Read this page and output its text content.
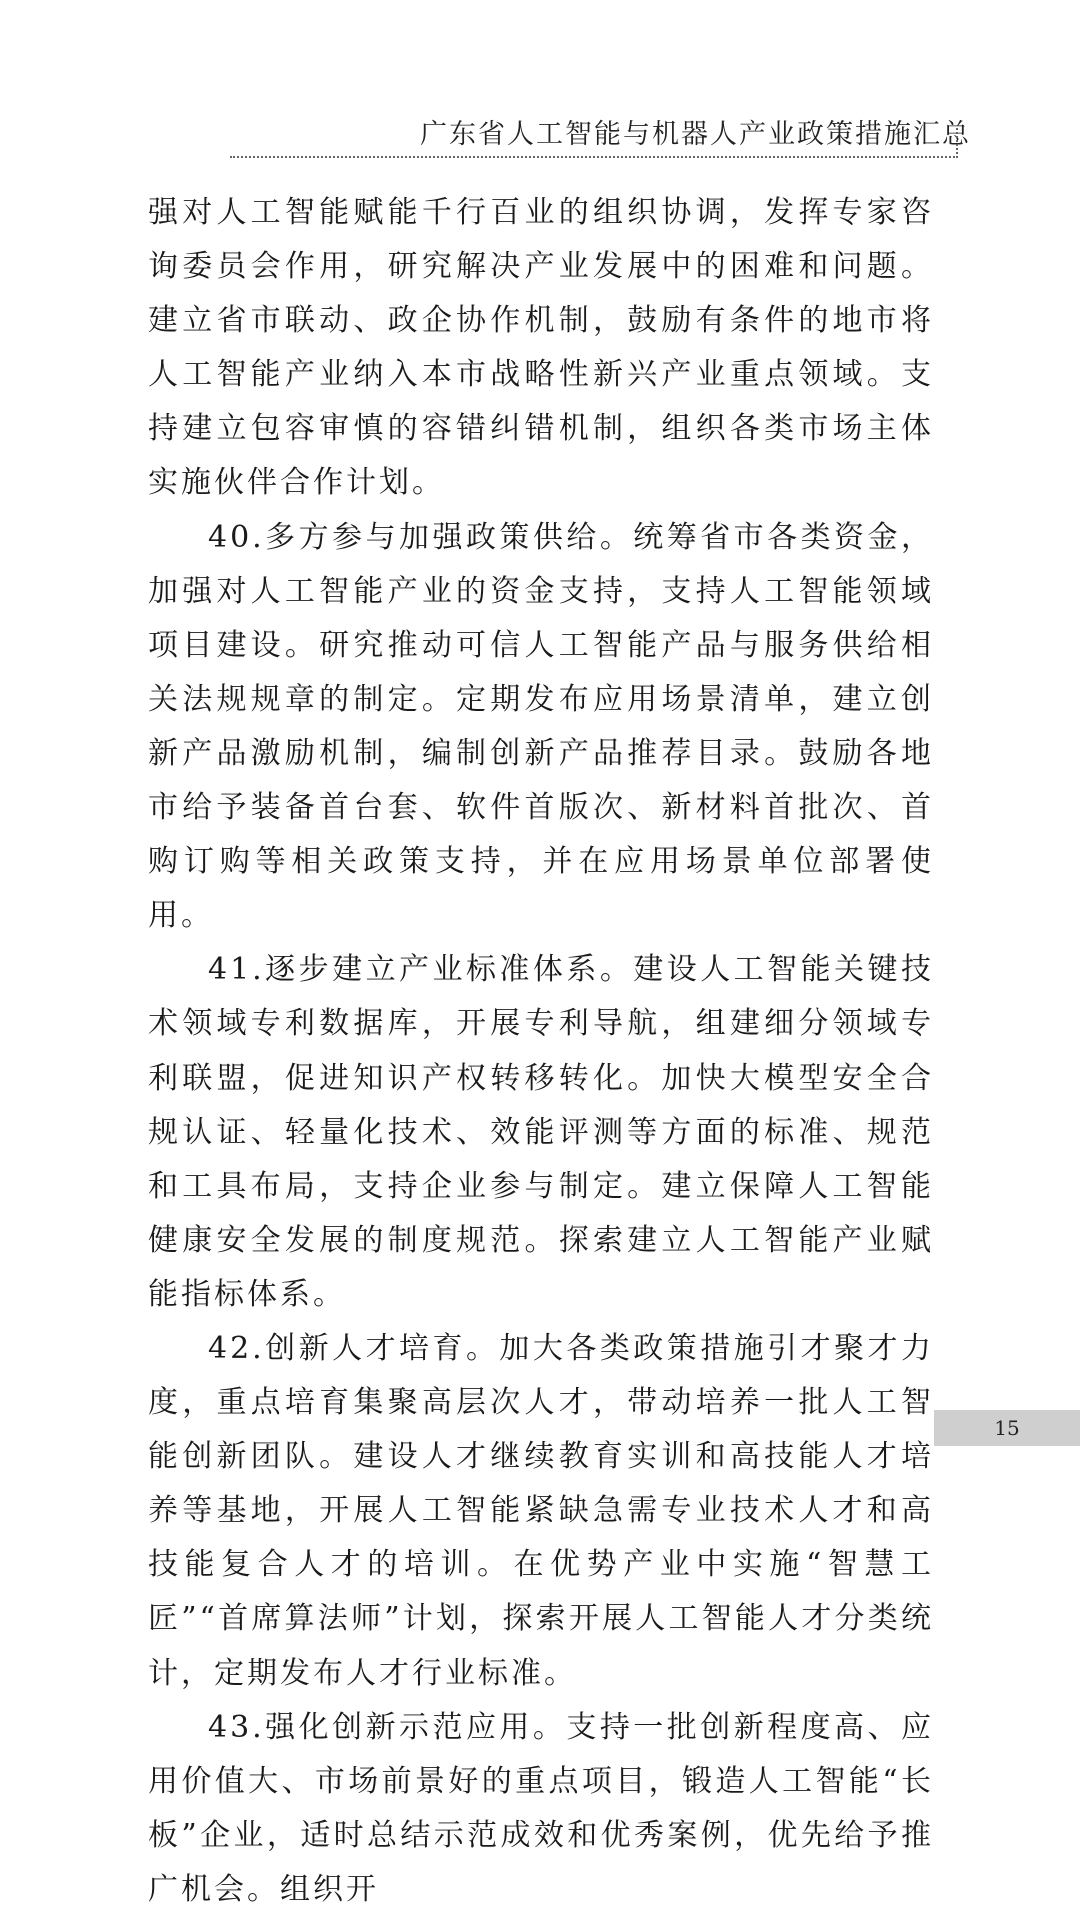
广东省人工智能与机器人产业政策措施汇总

强对人工智能赋能千行百业的组织协调，发挥专家咨询委员会作用，研究解决产业发展中的困难和问题。建立省市联动、政企协作机制，鼓励有条件的地市将人工智能产业纳入本市战略性新兴产业重点领域。支持建立包容审慎的容错纠错机制，组织各类市场主体实施伙伴合作计划。

40.多方参与加强政策供给。统筹省市各类资金，加强对人工智能产业的资金支持，支持人工智能领域项目建设。研究推动可信人工智能产品与服务供给相关法规规章的制定。定期发布应用场景清单，建立创新产品激励机制，编制创新产品推荐目录。鼓励各地市给予装备首台套、软件首版次、新材料首批次、首购订购等相关政策支持，并在应用场景单位部署使用。

41.逐步建立产业标准体系。建设人工智能关键技术领域专利数据库，开展专利导航，组建细分领域专利联盟，促进知识产权转移转化。加快大模型安全合规认证、轻量化技术、效能评测等方面的标准、规范和工具布局，支持企业参与制定。建立保障人工智能健康安全发展的制度规范。探索建立人工智能产业赋能指标体系。

42.创新人才培育。加大各类政策措施引才聚才力度，重点培育集聚高层次人才，带动培养一批人工智能创新团队。建设人才继续教育实训和高技能人才培养等基地，开展人工智能紧缺急需专业技术人才和高技能复合人才的培训。在优势产业中实施“智慧工匠”“首席算法师”计划，探索开展人工智能人才分类统计，定期发布人才行业标准。

43.强化创新示范应用。支持一批创新程度高、应用价值大、市场前景好的重点项目，锻造人工智能“长板”企业，适时总结示范成效和优秀案例，优先给予推广机会。组织开

15
